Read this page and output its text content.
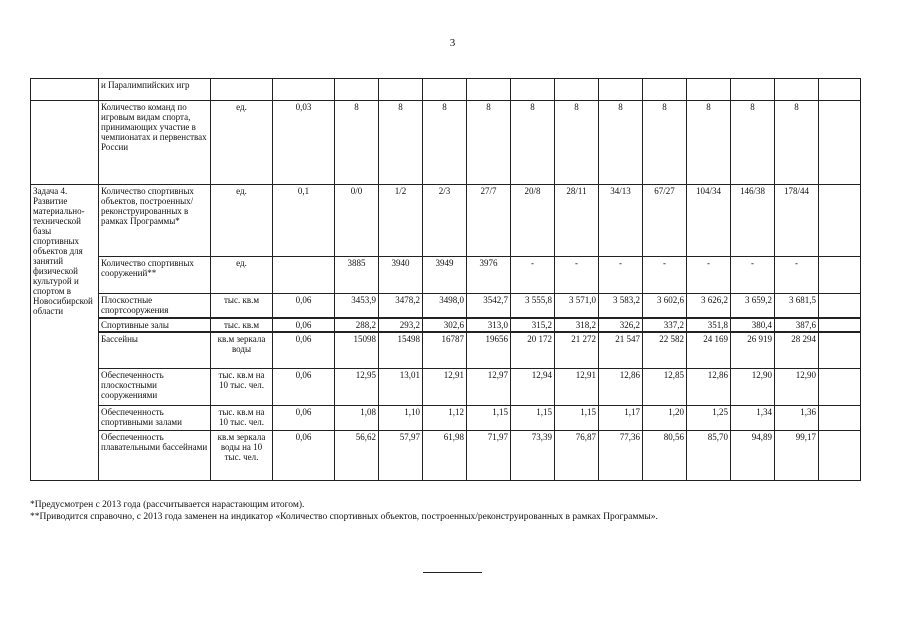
3
	и Паралимпийских игр														
	Количество команд по игровым видам спорта, принимающих участие в чемпионатах и первенствах России	ед.	0,03	8	8	8	8	8	8	8	8	8	8	8	
Задача 4. Развитие материально-технической базы спортивных объектов для занятий физической культурой и спортом в Новосибирской области	Количество спортивных объектов, построенных/реконструированных в рамках Программы*	ед.	0,1	0/0	1/2	2/3	27/7	20/8	28/11	34/13	67/27	104/34	146/38	178/44	
	Количество спортивных сооружений**	ед.		3885	3940	3949	3976	-	-	-	-	-	-	-	
	Плоскостные спортсооружения	тыс. кв.м	0,06	3453,9	3478,2	3498,0	3542,7	3 555,8	3 571,0	3 583,2	3 602,6	3 626,2	3 659,2	3 681,5	
	Спортивные залы	тыс. кв.м	0,06	288,2	293,2	302,6	313,0	315,2	318,2	326,2	337,2	351,8	380,4	387,6	
	Бассейны	кв.м зеркала воды	0,06	15098	15498	16787	19656	20 172	21 272	21 547	22 582	24 169	26 919	28 294	
	Обеспеченность плоскостными сооружениями	тыс. кв.м на 10 тыс. чел.	0,06	12,95	13,01	12,91	12,97	12,94	12,91	12,86	12,85	12,86	12,90	12,90	
	Обеспеченность спортивными залами	тыс. кв.м на 10 тыс. чел.	0,06	1,08	1,10	1,12	1,15	1,15	1,15	1,17	1,20	1,25	1,34	1,36	
	Обеспеченность плавательными бассейнами	кв.м зеркала воды на 10 тыс. чел.	0,06	56,62	57,97	61,98	71,97	73,39	76,87	77,36	80,56	85,70	94,89	99,17	
*Предусмотрен с 2013 года (рассчитывается нарастающим итогом).
**Приводится справочно, с 2013 года заменен на индикатор «Количество спортивных объектов, построенных/реконструированных в рамках Программы».
